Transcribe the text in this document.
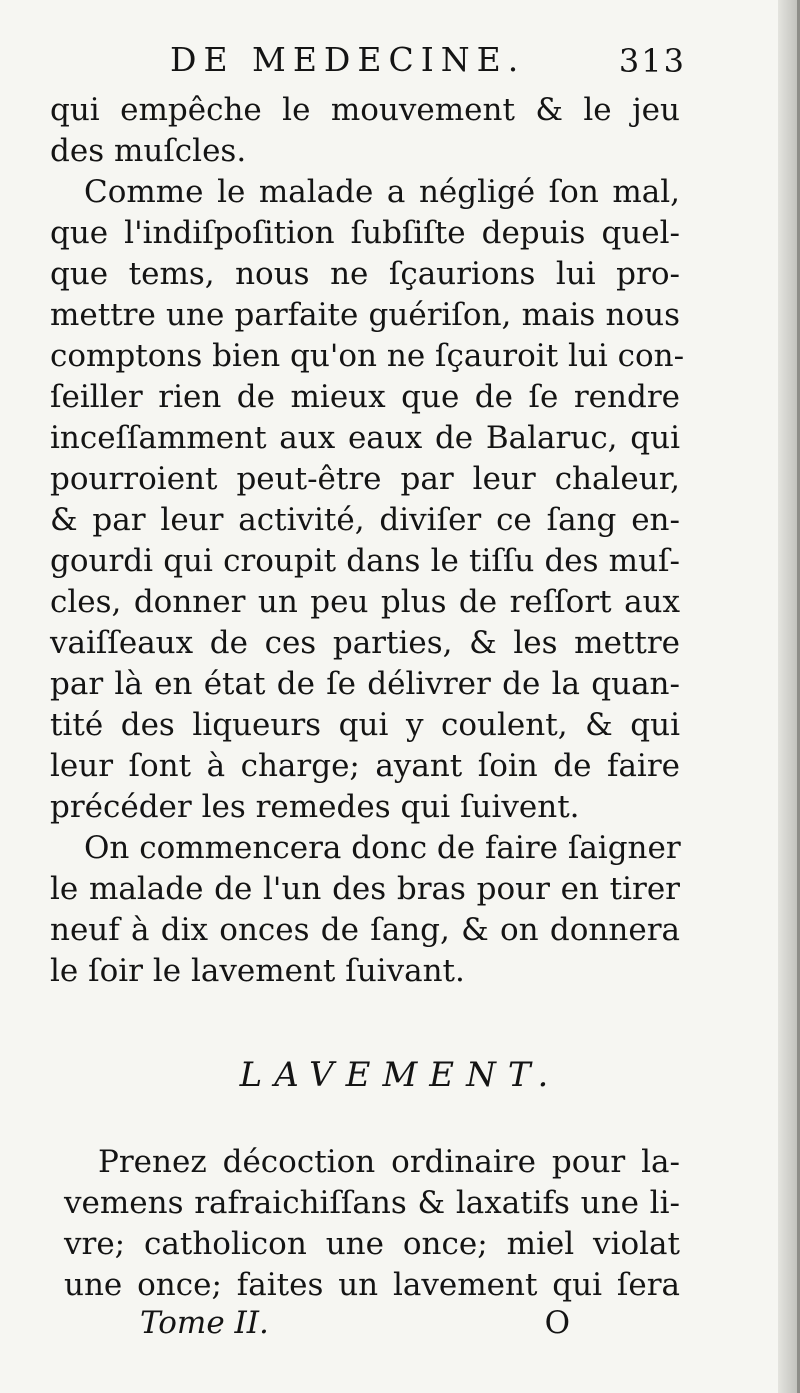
DE MEDECINE.	313
qui empêche le mouvement & le jeu
des muſcles.
Comme le malade a négligé ſon mal,
que l'indiſpoſition ſubſiſte depuis quel-
que tems, nous ne ſçaurions lui pro-
mettre une parfaite guériſon, mais nous
comptons bien qu'on ne ſçauroit lui con-
ſeiller rien de mieux que de ſe rendre
inceſſamment aux eaux de Balaruc, qui
pourroient peut-être par leur chaleur,
& par leur activité, diviſer ce ſang en-
gourdi qui croupit dans le tiſſu des muſ-
cles, donner un peu plus de reſſort aux
vaiſſeaux de ces parties, & les mettre
par là en état de ſe délivrer de la quan-
tité des liqueurs qui y coulent, & qui
leur ſont à charge; ayant ſoin de faire
précéder les remedes qui ſuivent.
On commencera donc de faire ſaigner
le malade de l'un des bras pour en tirer
neuf à dix onces de ſang, & on donnera
le ſoir le lavement ſuivant.
LAVEMENT.
Prenez décoction ordinaire pour la-
vemens rafraichiſſans & laxatifs une li-
vre; catholicon une once; miel violat
une once; faites un lavement qui ſera
Tome II.	O
